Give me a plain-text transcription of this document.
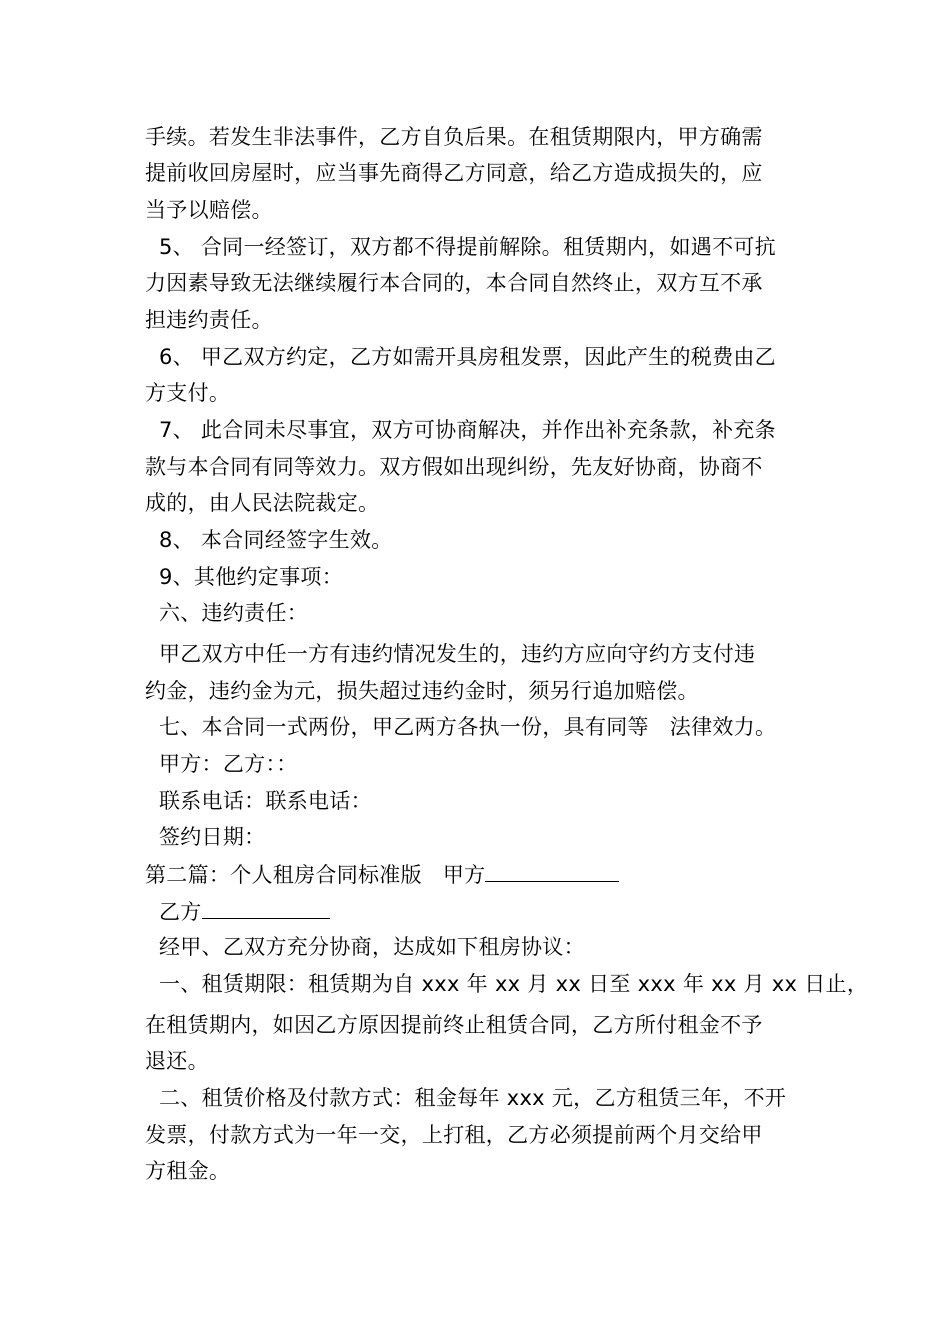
手续。若发生非法事件，乙方自负后果。在租赁期限内，甲方确需
提前收回房屋时，应当事先商得乙方同意，给乙方造成损失的，应
当予以赔偿。
5、 合同一经签订，双方都不得提前解除。租赁期内，如遇不可抗
力因素导致无法继续履行本合同的，本合同自然终止，双方互不承
担违约责任。
6、 甲乙双方约定，乙方如需开具房租发票，因此产生的税费由乙
方支付。
7、 此合同未尽事宜，双方可协商解决，并作出补充条款，补充条
款与本合同有同等效力。双方假如出现纠纷，先友好协商，协商不
成的，由人民法院裁定。
8、 本合同经签字生效。
9、其他约定事项：
六、违约责任：
甲乙双方中任一方有违约情况发生的，违约方应向守约方支付违
约金，违约金为元，损失超过违约金时，须另行追加赔偿。
七、本合同一式两份，甲乙两方各执一份，具有同等   法律效力。
甲方：乙方：：
联系电话：联系电话：
签约日期：
第二篇：个人租房合同标准版   甲方
乙方
经甲、乙双方充分协商，达成如下租房协议：
一、租赁期限：租赁期为自 xxx 年 xx 月 xx 日至 xxx 年 xx 月 xx 日止，
在租赁期内，如因乙方原因提前终止租赁合同，乙方所付租金不予
退还。
二、租赁价格及付款方式：租金每年 xxx 元，乙方租赁三年，不开
发票，付款方式为一年一交，上打租，乙方必须提前两个月交给甲
方租金。
